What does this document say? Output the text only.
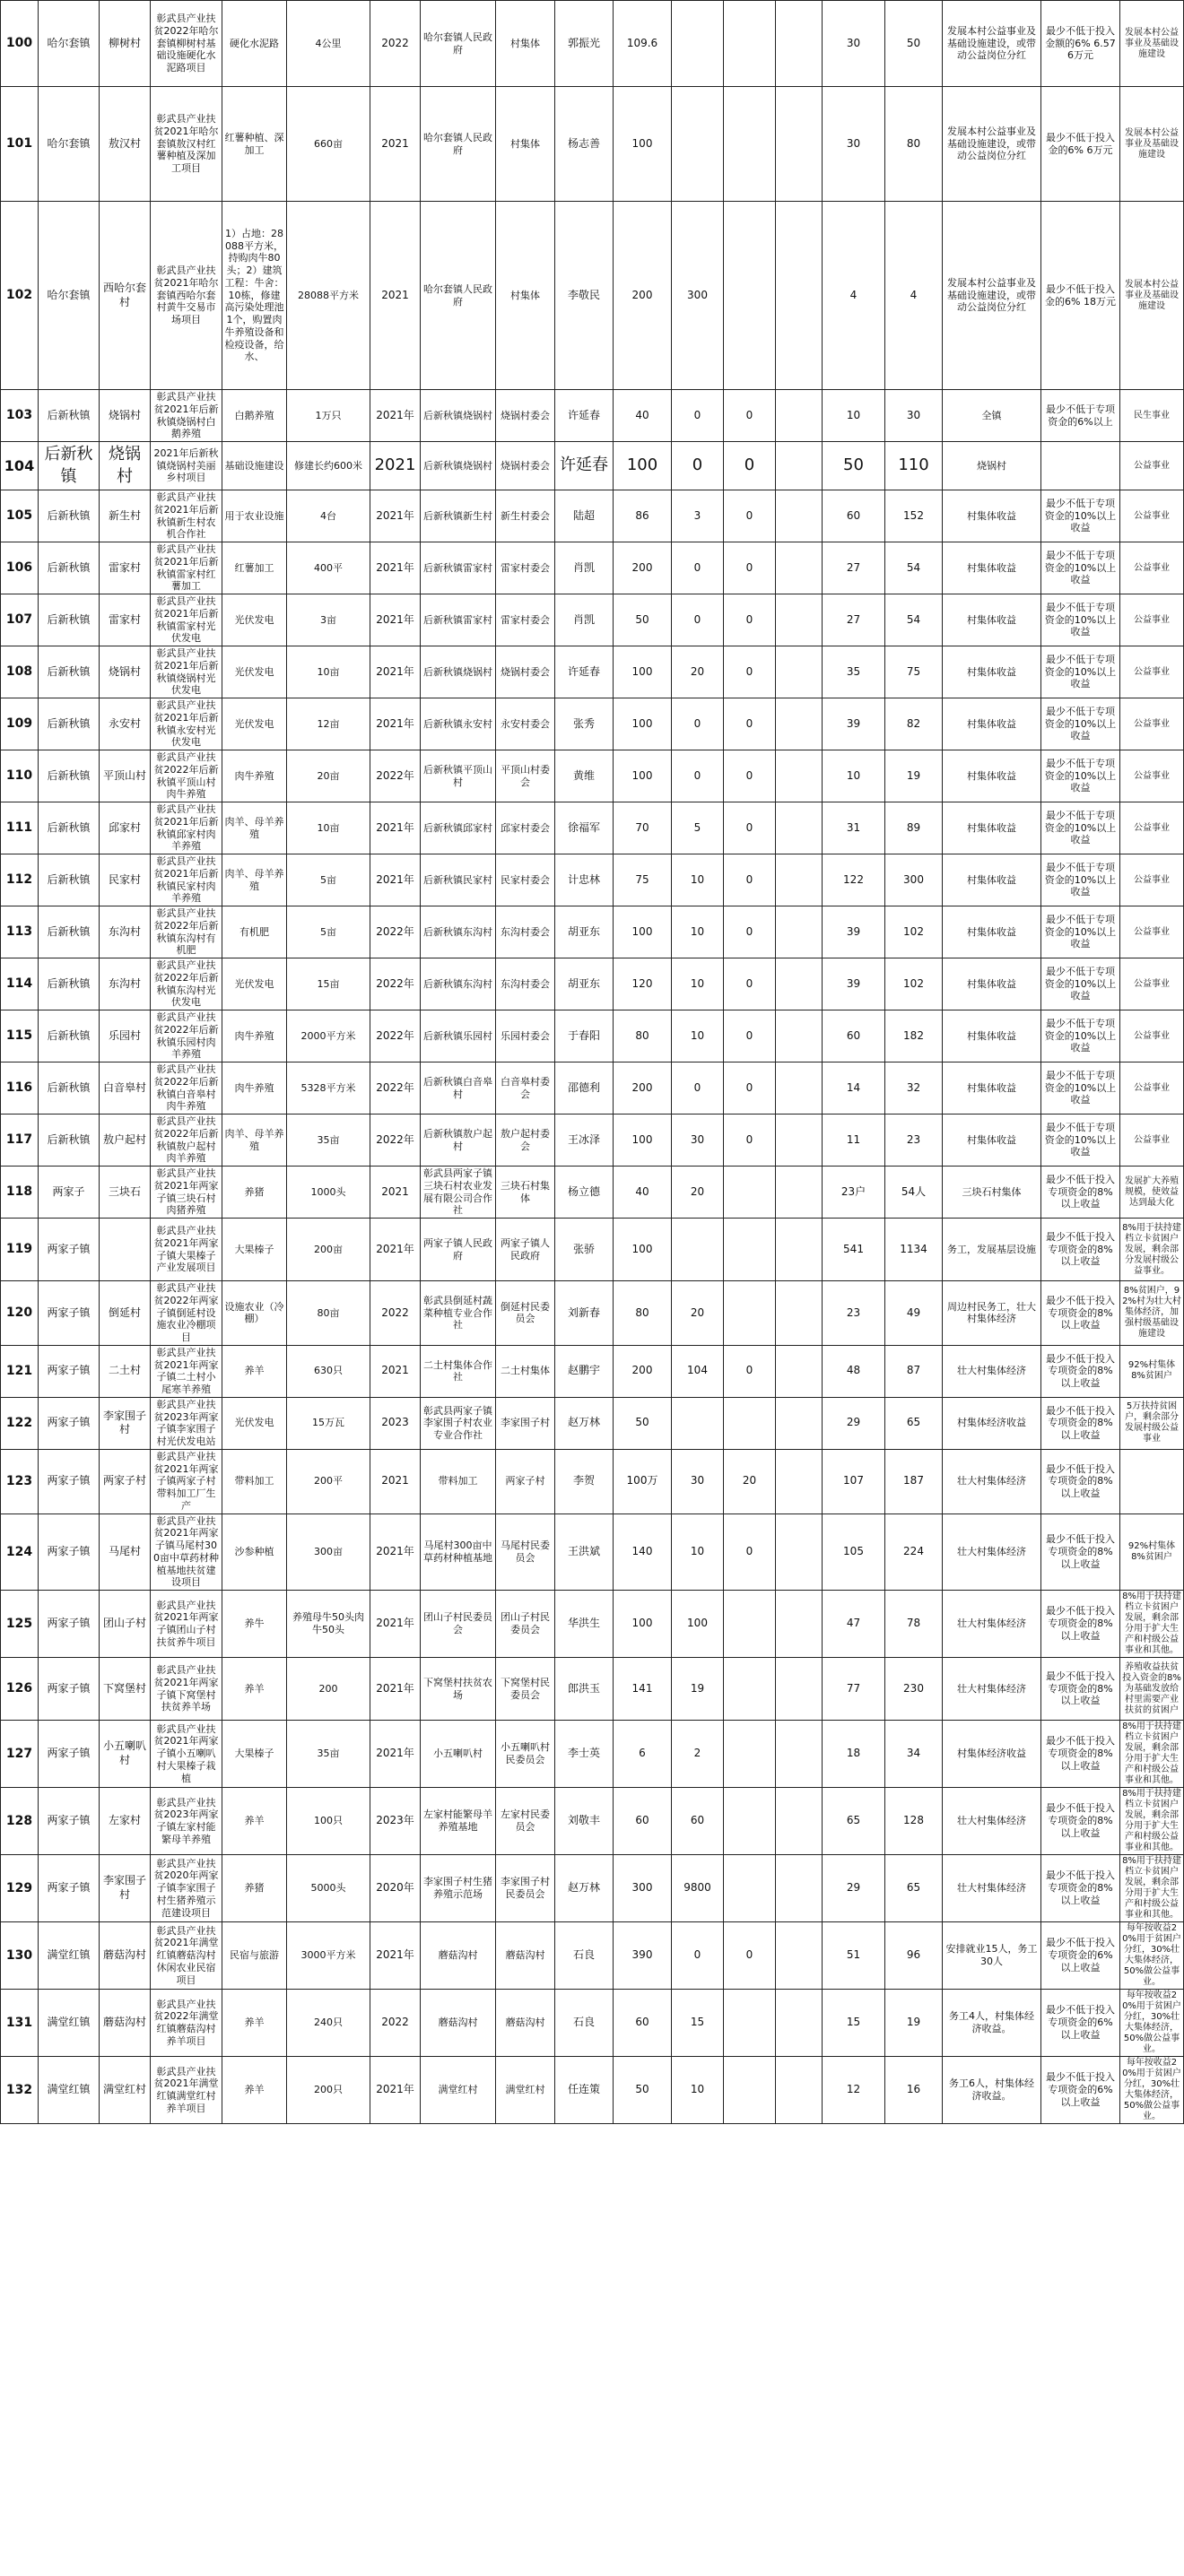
100	哈尔套镇	柳树村	彰武县产业扶贫2022年哈尔套镇柳树村基础设施硬化水泥路项目	硬化水泥路	4公里	2022	哈尔套镇人民政府	村集体	郭振光	109.6				30	50	发展本村公益事业及基础设施建设，或带动公益岗位分红	最少不低于投入金额的6% 6.576万元	发展本村公益事业及基础设施建设
101	哈尔套镇	敖汉村	彰武县产业扶贫2021年哈尔套镇敖汉村红薯种植及深加工项目	红薯种植、深加工	660亩	2021	哈尔套镇人民政府	村集体	杨志善	100				30	80	发展本村公益事业及基础设施建设，或带动公益岗位分红	最少不低于投入金的6% 6万元	发展本村公益事业及基础设施建设
102	哈尔套镇	西哈尔套村	彰武县产业扶贫2021年哈尔套镇西哈尔套村黄牛交易市场项目	1）占地：28088平方米，持购肉牛80头；2）建筑工程：牛舍：10栋，修建高污染处理池1个，购置肉牛养殖设备和检疫设备，给水、	28088平方米	2021	哈尔套镇人民政府	村集体	李敬民	200	300			4	4	发展本村公益事业及基础设施建设，或带动公益岗位分红	最少不低于投入金的6% 18万元	发展本村公益事业及基础设施建设
103	后新秋镇	烧锅村	彰武县产业扶贫2021年后新秋镇烧锅村白鹅养殖	白鹅养殖	1万只	2021年	后新秋镇烧锅村	烧锅村委会	许延春	40	0	0		10	30	全镇	最少不低于专项资金的6%以上	民生事业
104	后新秋镇	烧锅村	2021年后新秋镇烧锅村美丽乡村项目	基础设施建设	修建长约600米	2021	后新秋镇烧锅村	烧锅村委会	许延春	100	0	0		50	110	烧锅村		公益事业
105	后新秋镇	新生村	彰武县产业扶贫2021年后新秋镇新生村农机合作社	用于农业设施	4台	2021年	后新秋镇新生村	新生村委会	陆超	86	3	0		60	152	村集体收益	最少不低于专项资金的10%以上收益	公益事业
106	后新秋镇	雷家村	彰武县产业扶贫2021年后新秋镇雷家村红薯加工	红薯加工	400平	2021年	后新秋镇雷家村	雷家村委会	肖凯	200	0	0		27	54	村集体收益	最少不低于专项资金的10%以上收益	公益事业
107	后新秋镇	雷家村	彰武县产业扶贫2021年后新秋镇雷家村光伏发电	光伏发电	3亩	2021年	后新秋镇雷家村	雷家村委会	肖凯	50	0	0		27	54	村集体收益	最少不低于专项资金的10%以上收益	公益事业
108	后新秋镇	烧锅村	彰武县产业扶贫2021年后新秋镇烧锅村光伏发电	光伏发电	10亩	2021年	后新秋镇烧锅村	烧锅村委会	许延春	100	20	0		35	75	村集体收益	最少不低于专项资金的10%以上收益	公益事业
109	后新秋镇	永安村	彰武县产业扶贫2021年后新秋镇永安村光伏发电	光伏发电	12亩	2021年	后新秋镇永安村	永安村委会	张秀	100	0	0		39	82	村集体收益	最少不低于专项资金的10%以上收益	公益事业
110	后新秋镇	平顶山村	彰武县产业扶贫2022年后新秋镇平顶山村肉牛养殖	肉牛养殖	20亩	2022年	后新秋镇平顶山村	平顶山村委会	黄维	100	0	0		10	19	村集体收益	最少不低于专项资金的10%以上收益	公益事业
111	后新秋镇	邱家村	彰武县产业扶贫2021年后新秋镇邱家村肉羊养殖	肉羊、母羊养殖	10亩	2021年	后新秋镇邱家村	邱家村委会	徐福军	70	5	0		31	89	村集体收益	最少不低于专项资金的10%以上收益	公益事业
112	后新秋镇	民家村	彰武县产业扶贫2021年后新秋镇民家村肉羊养殖	肉羊、母羊养殖	5亩	2021年	后新秋镇民家村	民家村委会	计忠林	75	10	0		122	300	村集体收益	最少不低于专项资金的10%以上收益	公益事业
113	后新秋镇	东沟村	彰武县产业扶贫2022年后新秋镇东沟村有机肥	有机肥	5亩	2022年	后新秋镇东沟村	东沟村委会	胡亚东	100	10	0		39	102	村集体收益	最少不低于专项资金的10%以上收益	公益事业
114	后新秋镇	东沟村	彰武县产业扶贫2022年后新秋镇东沟村光伏发电	光伏发电	15亩	2022年	后新秋镇东沟村	东沟村委会	胡亚东	120	10	0		39	102	村集体收益	最少不低于专项资金的10%以上收益	公益事业
115	后新秋镇	乐园村	彰武县产业扶贫2022年后新秋镇乐园村肉羊养殖	肉牛养殖	2000平方米	2022年	后新秋镇乐园村	乐园村委会	于春阳	80	10	0		60	182	村集体收益	最少不低于专项资金的10%以上收益	公益事业
116	后新秋镇	白音皋村	彰武县产业扶贫2022年后新秋镇白音皋村肉牛养殖	肉牛养殖	5328平方米	2022年	后新秋镇白音皋村	白音皋村委会	邵德利	200	0	0		14	32	村集体收益	最少不低于专项资金的10%以上收益	公益事业
117	后新秋镇	敖户起村	彰武县产业扶贫2022年后新秋镇敖户起村肉羊养殖	肉羊、母羊养殖	35亩	2022年	后新秋镇敖户起村	敖户起村委会	王冰泽	100	30	0		11	23	村集体收益	最少不低于专项资金的10%以上收益	公益事业
118	两家子	三块石	彰武县产业扶贫2021年两家子镇三块石村肉猪养殖	养猪	1000头	2021	彰武县两家子镇三块石村农业发展有限公司合作社	三块石村集体	杨立德	40	20			23户	54人	三块石村集体	最少不低于投入专项资金的8%以上收益	发展扩大养殖规模，使效益达到最大化
119	两家子镇		彰武县产业扶贫2021年两家子镇大果榛子产业发展项目	大果榛子	200亩	2021年	两家子镇人民政府	两家子镇人民政府	张骄	100				541	1134	务工，发展基层设施	最少不低于投入专项资金的8%以上收益	8%用于扶持建档立卡贫困户发展，剩余部分发展村级公益事业。
120	两家子镇	倒延村	彰武县产业扶贫2022年两家子镇倒延村设施农业冷棚项目	设施农业（冷棚）	80亩	2022	彰武县倒延村蔬菜种植专业合作社	倒延村民委员会	刘新春	80	20			23	49	周边村民务工，壮大村集体经济	最少不低于投入专项资金的8%以上收益	8%贫困户，92%村为壮大村集体经济，加强村级基础设施建设
121	两家子镇	二土村	彰武县产业扶贫2021年两家子镇二土村小尾寒羊养殖	养羊	630只	2021	二土村集体合作社	二土村集体	赵鹏宇	200	104	0		48	87	壮大村集体经济	最少不低于投入专项资金的8%以上收益	92%村集体8%贫困户
122	两家子镇	李家围子村	彰武县产业扶贫2023年两家子镇李家围子村光伏发电站	光伏发电	15万瓦	2023	彰武县两家子镇李家围子村农业专业合作社	李家围子村	赵万林	50				29	65	村集体经济收益	最少不低于投入专项资金的8%以上收益	5万扶持贫困户，剩余部分发展村级公益事业
123	两家子镇	两家子村	彰武县产业扶贫2021年两家子镇两家子村带料加工厂生产	带料加工	200平	2021	带料加工	两家子村	李贺	100万	30	20		107	187	壮大村集体经济	最少不低于投入专项资金的8%以上收益	
124	两家子镇	马尾村	彰武县产业扶贫2021年两家子镇马尾村300亩中草药材种植基地扶贫建设项目	沙参种植	300亩	2021年	马尾村300亩中草药材种植基地	马尾村民委员会	王洪斌	140	10	0		105	224	壮大村集体经济	最少不低于投入专项资金的8%以上收益	92%村集体8%贫困户
125	两家子镇	团山子村	彰武县产业扶贫2021年两家子镇团山子村扶贫养牛项目	养牛	养殖母牛50头肉牛50头	2021年	团山子村民委员会	团山子村民委员会	华洪生	100	100			47	78	壮大村集体经济	最少不低于投入专项资金的8%以上收益	8%用于扶持建档立卡贫困户发展，剩余部分用于扩大生产和村级公益事业和其他。
126	两家子镇	下窝堡村	彰武县产业扶贫2021年两家子镇下窝堡村扶贫养羊场	养羊	200	2021年	下窝堡村扶贫农场	下窝堡村民委员会	郎洪玉	141	19			77	230	壮大村集体经济	最少不低于投入专项资金的8%以上收益	养殖收益扶贫投入资金的8%为基础发放给村里需要产业扶贫的贫困户
127	两家子镇	小五喇叭村	彰武县产业扶贫2021年两家子镇小五喇叭村大果榛子栽植	大果榛子	35亩	2021年	小五喇叭村	小五喇叭村民委员会	李士英	6	2			18	34	村集体经济收益	最少不低于投入专项资金的8%以上收益	8%用于扶持建档立卡贫困户发展，剩余部分用于扩大生产和村级公益事业和其他。
128	两家子镇	左家村	彰武县产业扶贫2023年两家子镇左家村能繁母羊养殖	养羊	100只	2023年	左家村能繁母羊养殖基地	左家村民委员会	刘敬丰	60	60			65	128	壮大村集体经济	最少不低于投入专项资金的8%以上收益	8%用于扶持建档立卡贫困户发展，剩余部分用于扩大生产和村级公益事业和其他。
129	两家子镇	李家围子村	彰武县产业扶贫2020年两家子镇李家围子村生猪养殖示范建设项目	养猪	5000头	2020年	李家围子村生猪养殖示范场	李家围子村民委员会	赵万林	300	9800			29	65	壮大村集体经济	最少不低于投入专项资金的8%以上收益	8%用于扶持建档立卡贫困户发展，剩余部分用于扩大生产和村级公益事业和其他。
130	满堂红镇	蘑菇沟村	彰武县产业扶贫2021年满堂红镇蘑菇沟村休闲农业民宿项目	民宿与旅游	3000平方米	2021年	蘑菇沟村	蘑菇沟村	石良	390	0	0		51	96	安排就业15人，务工30人	最少不低于投入专项资金的6%以上收益	每年按收益20%用于贫困户分红，30%壮大集体经济，50%做公益事业。
131	满堂红镇	蘑菇沟村	彰武县产业扶贫2022年满堂红镇蘑菇沟村养羊项目	养羊	240只	2022	蘑菇沟村	蘑菇沟村	石良	60	15			15	19	务工4人，村集体经济收益。	最少不低于投入专项资金的6%以上收益	每年按收益20%用于贫困户分红，30%壮大集体经济，50%做公益事业。
132	满堂红镇	满堂红村	彰武县产业扶贫2021年满堂红镇满堂红村养羊项目	养羊	200只	2021年	满堂红村	满堂红村	任连策	50	10			12	16	务工6人，村集体经济收益。	最少不低于投入专项资金的6%以上收益	每年按收益20%用于贫困户分红，30%壮大集体经济，50%做公益事业。
